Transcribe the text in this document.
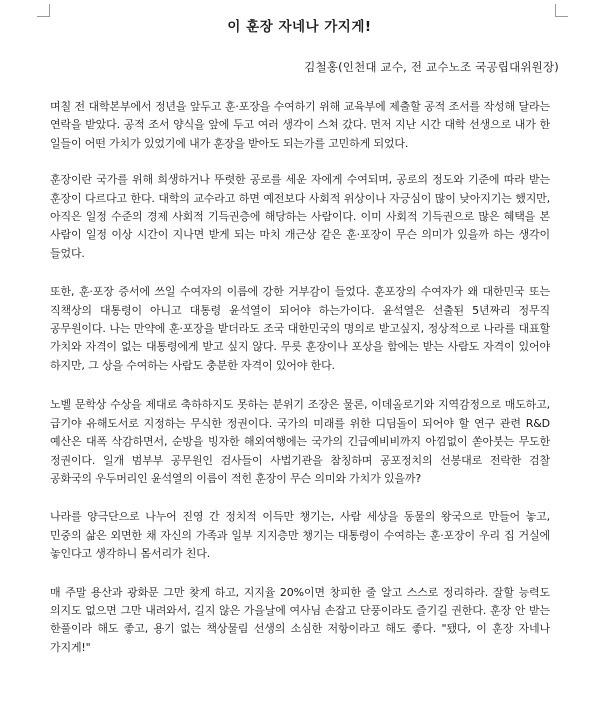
이 훈장 자네나 가지게!
김철홍(인천대 교수, 전 교수노조 국공립대위원장)

며칠 전 대학본부에서 정년을 앞두고 훈·포장을 수여하기 위해 교육부에 제출할 공적 조서를 작성해 달라는 연락을 받았다. 공적 조서 양식을 앞에 두고 여러 생각이 스쳐 갔다. 먼저 지난 시간 대학 선생으로 내가 한 일들이 어떤 가치가 있었기에 내가 훈장을 받아도 되는가를 고민하게 되었다.

훈장이란 국가를 위해 희생하거나 뚜렷한 공로를 세운 자에게 수여되며, 공로의 정도와 기준에 따라 받는 훈장이 다르다고 한다. 대학의 교수라고 하면 예전보다 사회적 위상이나 자긍심이 많이 낮아지기는 했지만, 아직은 일정 수준의 경제 사회적 기득권층에 해당하는 사람이다. 이미 사회적 기득권으로 많은 혜택을 본 사람이 일정 이상 시간이 지나면 받게 되는 마치 개근상 같은 훈·포장이 무슨 의미가 있을까 하는 생각이 들었다.

또한, 훈·포장 증서에 쓰일 수여자의 이름에 강한 거부감이 들었다. 훈포장의 수여자가 왜 대한민국 또는 직책상의 대통령이 아니고 대통령 윤석열이 되어야 하는가이다. 윤석열은 선출된 5년짜리 정무직 공무원이다. 나는 만약에 훈·포장을 받더라도 조국 대한민국의 명의로 받고싶지, 정상적으로 나라를 대표할 가치와 자격이 없는 대통령에게 받고 싶지 않다. 무릇 훈장이나 포상을 함에는 받는 사람도 자격이 있어야 하지만, 그 상을 수여하는 사람도 충분한 자격이 있어야 한다.

노벨 문학상 수상을 제대로 축하하지도 못하는 분위기 조장은 물론, 이데올로기와 지역감정으로 매도하고, 급기야 유해도서로 지정하는 무식한 정권이다. 국가의 미래를 위한 디딤돌이 되어야 할 연구 관련 R&D 예산은 대폭 삭감하면서, 순방을 빙자한 해외여행에는 국가의 긴급예비비까지 아낌없이 쏟아붓는 무도한 정권이다. 일개 범부부 공무원인 검사들이 사법기관을 참칭하며 공포정치의 선봉대로 전락한 검찰 공화국의 우두머리인 윤석열의 이름이 적힌 훈장이 무슨 의미와 가치가 있을까?

나라를 양극단으로 나누어 진영 간 정치적 이득만 챙기는, 사람 세상을 동물의 왕국으로 만들어 놓고, 민중의 삶은 외면한 채 자신의 가족과 일부 지지층만 챙기는 대통령이 수여하는 훈·포장이 우리 집 거실에 놓인다고 생각하니 몸서리가 친다.

매 주말 용산과 광화문 그만 찾게 하고, 지지율 20%이면 창피한 줄 알고 스스로 정리하라. 잘할 능력도 의지도 없으면 그만 내려와서, 길지 않은 가을날에 여사님 손잡고 단풍이라도 즐기길 권한다. 훈장 안 받는 한풀이라 해도 좋고, 용기 없는 책상물림 선생의 소심한 저항이라고 해도 좋다. "됐다, 이 훈장 자네나 가지게!"
